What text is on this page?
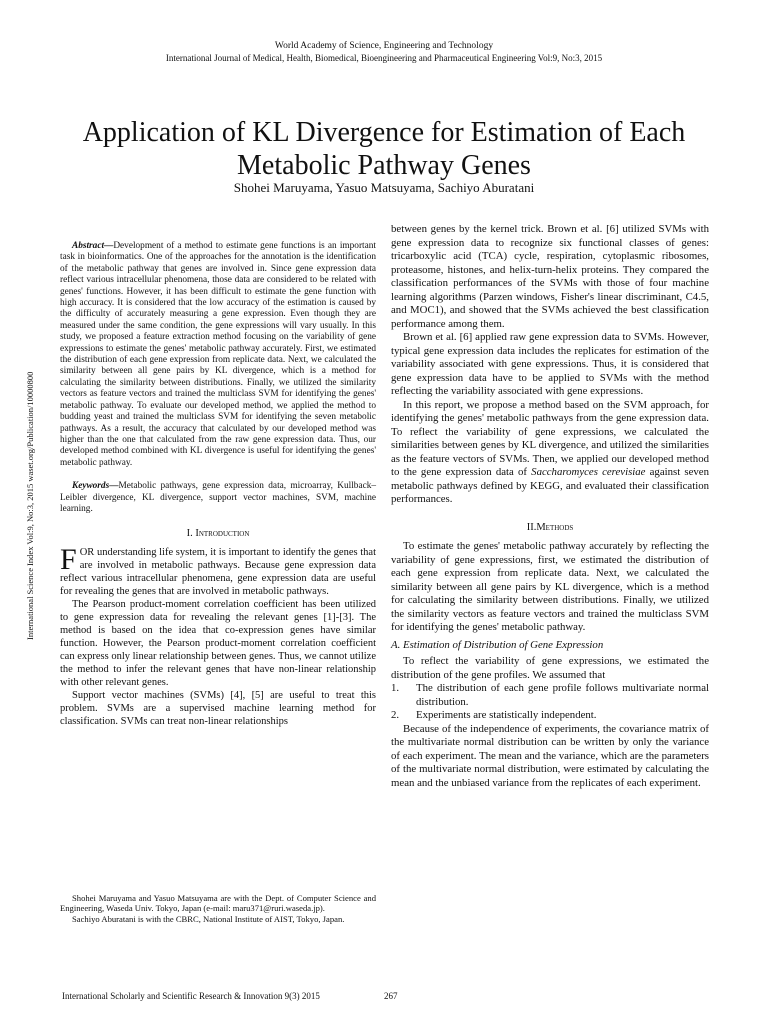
World Academy of Science, Engineering and Technology
International Journal of Medical, Health, Biomedical, Bioengineering and Pharmaceutical Engineering Vol:9, No:3, 2015
Application of KL Divergence for Estimation of Each Metabolic Pathway Genes
Shohei Maruyama, Yasuo Matsuyama, Sachiyo Aburatani
International Science Index Vol:9, No:3, 2015 waset.org/Publication/10000800

Abstract—Development of a method to estimate gene functions is an important task in bioinformatics. One of the approaches for the annotation is the identification of the metabolic pathway that genes are involved in. Since gene expression data reflect various intracellular phenomena, those data are considered to be related with genes' functions. However, it has been difficult to estimate the gene function with high accuracy. It is considered that the low accuracy of the estimation is caused by the difficulty of accurately measuring a gene expression. Even though they are measured under the same condition, the gene expressions will vary usually. In this study, we proposed a feature extraction method focusing on the variability of gene expressions to estimate the genes' metabolic pathway accurately. First, we estimated the distribution of each gene expression from replicate data. Next, we calculated the similarity between all gene pairs by KL divergence, which is a method for calculating the similarity between distributions. Finally, we utilized the similarity vectors as feature vectors and trained the multiclass SVM for identifying the genes' metabolic pathway. To evaluate our developed method, we applied the method to budding yeast and trained the multiclass SVM for identifying the seven metabolic pathways. As a result, the accuracy that calculated by our developed method was higher than the one that calculated from the raw gene expression data. Thus, our developed method combined with KL divergence is useful for identifying the genes' metabolic pathway.

Keywords—Metabolic pathways, gene expression data, microarray, Kullback–Leibler divergence, KL divergence, support vector machines, SVM, machine learning.

I. Introduction

FOR understanding life system, it is important to identify the genes that are involved in metabolic pathways. Because gene expression data reflect various intracellular phenomena, gene expression data are useful for revealing the genes that are involved in metabolic pathways.

The Pearson product-moment correlation coefficient has been utilized to gene expression data for revealing the relevant genes [1]-[3]. The method is based on the idea that co-expression genes have similar function. However, the Pearson product-moment correlation coefficient can express only linear relationship between genes. Thus, we cannot utilize the method to infer the relevant genes that have non-linear relationship with other relevant genes.

Support vector machines (SVMs) [4], [5] are useful to treat this problem. SVMs are a supervised machine learning method for classification. SVMs can treat non-linear relationships

Shohei Maruyama and Yasuo Matsuyama are with the Dept. of Computer Science and Engineering, Waseda Univ. Tokyo, Japan (e-mail: maru371@ruri.waseda.jp).

Sachiyo Aburatani is with the CBRC, National Institute of AIST, Tokyo, Japan.

between genes by the kernel trick. Brown et al. [6] utilized SVMs with gene expression data to recognize six functional classes of genes: tricarboxylic acid (TCA) cycle, respiration, cytoplasmic ribosomes, proteasome, histones, and helix-turn-helix proteins. They compared the classification performances of the SVMs with those of four machine learning algorithms (Parzen windows, Fisher's linear discriminant, C4.5, and MOC1), and showed that the SVMs achieved the best classification performance among them.

Brown et al. [6] applied raw gene expression data to SVMs. However, typical gene expression data includes the replicates for estimation of the variability associated with gene expressions. Thus, it is considered that gene expression data have to be applied to SVMs with the method reflecting the variability associated with gene expressions.

In this report, we propose a method based on the SVM approach, for identifying the genes' metabolic pathways from the gene expression data. To reflect the variability of gene expressions, we calculated the similarities between genes by KL divergence, and utilized the similarities as the feature vectors of SVMs. Then, we applied our developed method to the gene expression data of Saccharomyces cerevisiae against seven metabolic pathways defined by KEGG, and evaluated their classification performances.

II.Methods

To estimate the genes' metabolic pathway accurately by reflecting the variability of gene expressions, first, we estimated the distribution of each gene expression from replicate data. Next, we calculated the similarity between all gene pairs by KL divergence, which is a method for calculating the similarity between distributions. Finally, we utilized the similarity vectors as feature vectors and trained the multiclass SVM for identifying the genes' metabolic pathway.

A. Estimation of Distribution of Gene Expression

To reflect the variability of gene expressions, we estimated the distribution of the gene profiles. We assumed that

1. The distribution of each gene profile follows multivariate normal distribution.
2. Experiments are statistically independent.

Because of the independence of experiments, the covariance matrix of the multivariate normal distribution can be written by only the variance of each experiment. The mean and the variance, which are the parameters of the multivariate normal distribution, were estimated by calculating the mean and the unbiased variance from the replicates of each experiment.

International Scholarly and Scientific Research & Innovation 9(3) 2015	267
